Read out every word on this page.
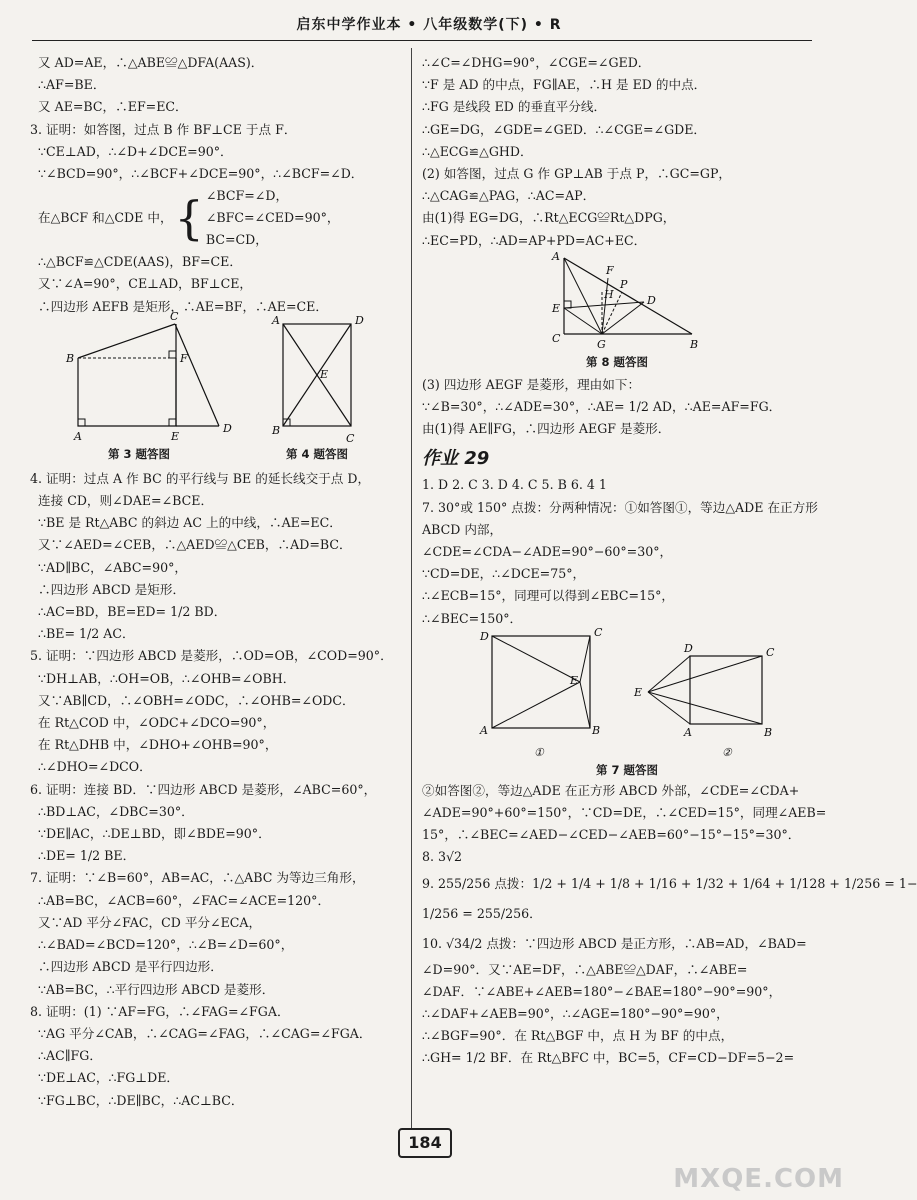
启东中学作业本 • 八年级数学(下) • R
又 AD=AE，∴△ABE≌△DFA(AAS)．
∴AF=BE．
又 AE=BC，∴EF=EC．
3. 证明：如答图，过点 B 作 BF⊥CE 于点 F．
∵CE⊥AD，∴∠D+∠DCE=90°．
∵∠BCD=90°，∴∠BCF+∠DCE=90°，∴∠BCF=∠D．
在△BCF 和△CDE 中， { ∠BCF=∠D，
∠BFC=∠CED=90°，
BC=CD，
∴△BCF≌△CDE(AAS)，BF=CE．
又∵∠A=90°，CE⊥AD，BF⊥CE，
∴四边形 AEFB 是矩形，∴AE=BF，∴AE=CE．
B
C
F
A	E
D
A	D
E
B
C
第 3 题答图	第 4 题答图
4. 证明：过点 A 作 BC 的平行线与 BE 的延长线交于点 D，
连接 CD，则∠DAE=∠BCE．
∵BE 是 Rt△ABC 的斜边 AC 上的中线，∴AE=EC．
又∵∠AED=∠CEB，∴△AED≌△CEB，∴AD=BC．
∵AD∥BC，∠ABC=90°，
∴四边形 ABCD 是矩形．
∴AC=BD，BE=ED= 1/2 BD．
∴BE= 1/2 AC．
5. 证明：∵四边形 ABCD 是菱形，∴OD=OB，∠COD=90°．
∵DH⊥AB，∴OH=OB，∴∠OHB=∠OBH．
又∵AB∥CD，∴∠OBH=∠ODC，∴∠OHB=∠ODC．
在 Rt△COD 中，∠ODC+∠DCO=90°，
在 Rt△DHB 中，∠DHO+∠OHB=90°，
∴∠DHO=∠DCO．
6. 证明：连接 BD．∵四边形 ABCD 是菱形，∠ABC=60°，
∴BD⊥AC，∠DBC=30°．
∵DE∥AC，∴DE⊥BD，即∠BDE=90°．
∴DE= 1/2 BE．
7. 证明：∵∠B=60°，AB=AC，∴△ABC 为等边三角形，
∴AB=BC，∠ACB=60°，∠FAC=∠ACE=120°．
又∵AD 平分∠FAC，CD 平分∠ECA，
∴∠BAD=∠BCD=120°，∴∠B=∠D=60°，
∴四边形 ABCD 是平行四边形．
∵AB=BC，∴平行四边形 ABCD 是菱形．
8. 证明：(1) ∵AF=FG，∴∠FAG=∠FGA．
∵AG 平分∠CAB，∴∠CAG=∠FAG，∴∠CAG=∠FGA．
∴AC∥FG．
∵DE⊥AC，∴FG⊥DE．
∵FG⊥BC，∴DE∥BC，∴AC⊥BC．
∴∠C=∠DHG=90°，∠CGE=∠GED．
∵F 是 AD 的中点，FG∥AE，∴H 是 ED 的中点．
∴FG 是线段 ED 的垂直平分线．
∴GE=DG，∠GDE=∠GED．∴∠CGE=∠GDE．
∴△ECG≌△GHD．
(2) 如答图，过点 G 作 GP⊥AB 于点 P，∴GC=GP，
∴△CAG≌△PAG，∴AC=AP．
由(1)得 EG=DG，∴Rt△ECG≌Rt△DPG，
∴EC=PD，∴AD=AP+PD=AC+EC．
A
F
P
H	D
E
C	G	B
第 8 题答图
(3) 四边形 AEGF 是菱形，理由如下：
∵∠B=30°，∴∠ADE=30°，∴AE= 1/2 AD，∴AE=AF=FG．
由(1)得 AE∥FG，∴四边形 AEGF 是菱形．
作业 29
1. D 2. C 3. D 4. C 5. B 6. 4 1
7. 30°或 150° 点拨：分两种情况：①如答图①，等边△ADE 在正方形
ABCD 内部，
∠CDE=∠CDA−∠ADE=90°−60°=30°，
∵CD=DE，∴∠DCE=75°，
∴∠ECB=15°，同理可以得到∠EBC=15°，
∴∠BEC=150°．
D	C
E
A	B
①
D	C
E
A	B
②
第 7 题答图
②如答图②，等边△ADE 在正方形 ABCD 外部，∠CDE=∠CDA+
∠ADE=90°+60°=150°，∵CD=DE，∴∠CED=15°，同理∠AEB=
15°，∴∠BEC=∠AED−∠CED−∠AEB=60°−15°−15°=30°．
8. 3√2
9. 255/256 点拨：1/2 + 1/4 + 1/8 + 1/16 + 1/32 + 1/64 + 1/128 + 1/256 = 1−
1/256 = 255/256．
10. √34/2 点拨：∵四边形 ABCD 是正方形，∴AB=AD，∠BAD=
∠D=90°．又∵AE=DF，∴△ABE≌△DAF，∴∠ABE=
∠DAF．∵∠ABE+∠AEB=180°−∠BAE=180°−90°=90°，
∴∠DAF+∠AEB=90°，∴∠AGE=180°−90°=90°，
∴∠BGF=90°．在 Rt△BGF 中，点 H 为 BF 的中点，
∴GH= 1/2 BF．在 Rt△BFC 中，BC=5，CF=CD−DF=5−2=
184
MXQE.COM
